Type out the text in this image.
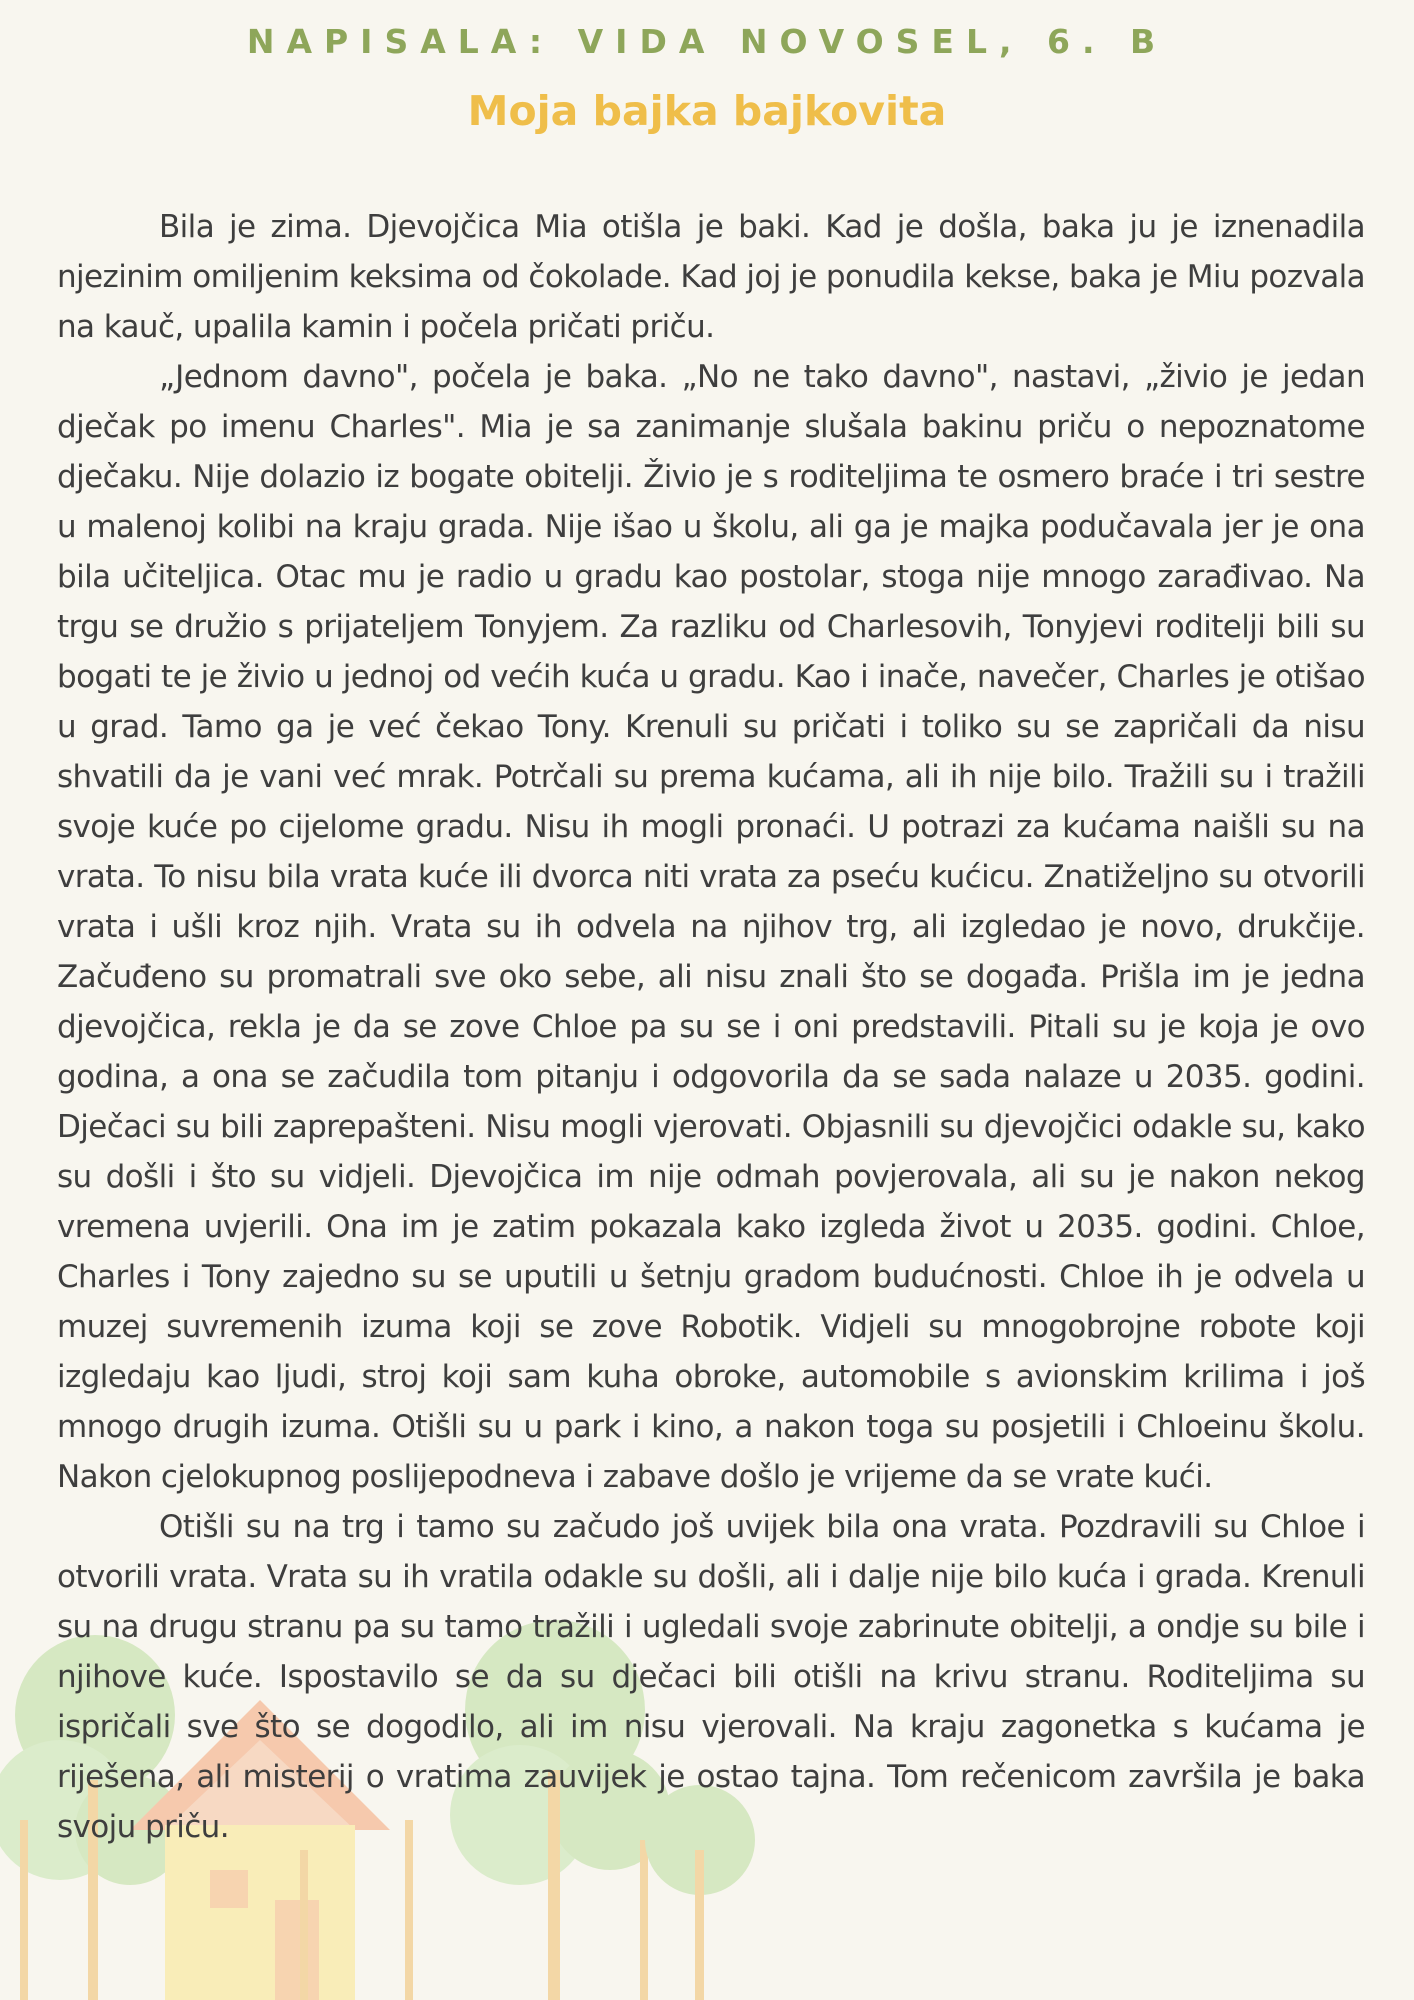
NAPISALA: VIDA NOVOSEL, 6. B
Moja bajka bajkovita

Bila je zima. Djevojčica Mia otišla je baki. Kad je došla, baka ju je iznenadila njezinim omiljenim keksima od čokolade. Kad joj je ponudila kekse, baka je Miu pozvala na kauč, upalila kamin i počela pričati priču.

„Jednom davno", počela je baka. „No ne tako davno", nastavi, „živio je jedan dječak po imenu Charles". Mia je sa zanimanje slušala bakinu priču o nepoznatome dječaku. Nije dolazio iz bogate obitelji. Živio je s roditeljima te osmero braće i tri sestre u malenoj kolibi na kraju grada. Nije išao u školu, ali ga je majka podučavala jer je ona bila učiteljica. Otac mu je radio u gradu kao postolar, stoga nije mnogo zarađivao. Na trgu se družio s prijateljem Tonyjem. Za razliku od Charlesovih, Tonyjevi roditelji bili su bogati te je živio u jednoj od većih kuća u gradu. Kao i inače, navečer, Charles je otišao u grad. Tamo ga je već čekao Tony. Krenuli su pričati i toliko su se zapričali da nisu shvatili da je vani već mrak. Potrčali su prema kućama, ali ih nije bilo. Tražili su i tražili svoje kuće po cijelome gradu. Nisu ih mogli pronaći. U potrazi za kućama naišli su na vrata. To nisu bila vrata kuće ili dvorca niti vrata za pseću kućicu. Znatiželjno su otvorili vrata i ušli kroz njih. Vrata su ih odvela na njihov trg, ali izgledao je novo, drukčije. Začuđeno su promatrali sve oko sebe, ali nisu znali što se događa. Prišla im je jedna djevojčica, rekla je da se zove Chloe pa su se i oni predstavili. Pitali su je koja je ovo godina, a ona se začudila tom pitanju i odgovorila da se sada nalaze u 2035. godini. Dječaci su bili zaprepašteni. Nisu mogli vjerovati. Objasnili su djevojčici odakle su, kako su došli i što su vidjeli. Djevojčica im nije odmah povjerovala, ali su je nakon nekog vremena uvjerili. Ona im je zatim pokazala kako izgleda život u 2035. godini. Chloe, Charles i Tony zajedno su se uputili u šetnju gradom budućnosti. Chloe ih je odvela u muzej suvremenih izuma koji se zove Robotik. Vidjeli su mnogobrojne robote koji izgledaju kao ljudi, stroj koji sam kuha obroke, automobile s avionskim krilima i još mnogo drugih izuma. Otišli su u park i kino, a nakon toga su posjetili i Chloeinu školu. Nakon cjelokupnog poslijepodneva i zabave došlo je vrijeme da se vrate kući.

Otišli su na trg i tamo su začudo još uvijek bila ona vrata. Pozdravili su Chloe i otvorili vrata. Vrata su ih vratila odakle su došli, ali i dalje nije bilo kuća i grada. Krenuli su na drugu stranu pa su tamo tražili i ugledali svoje zabrinute obitelji, a ondje su bile i njihove kuće. Ispostavilo se da su dječaci bili otišli na krivu stranu. Roditeljima su ispričali sve što se dogodilo, ali im nisu vjerovali. Na kraju zagonetka s kućama je riješena, ali misterij o vratima zauvijek je ostao tajna. Tom rečenicom završila je baka svoju priču.
